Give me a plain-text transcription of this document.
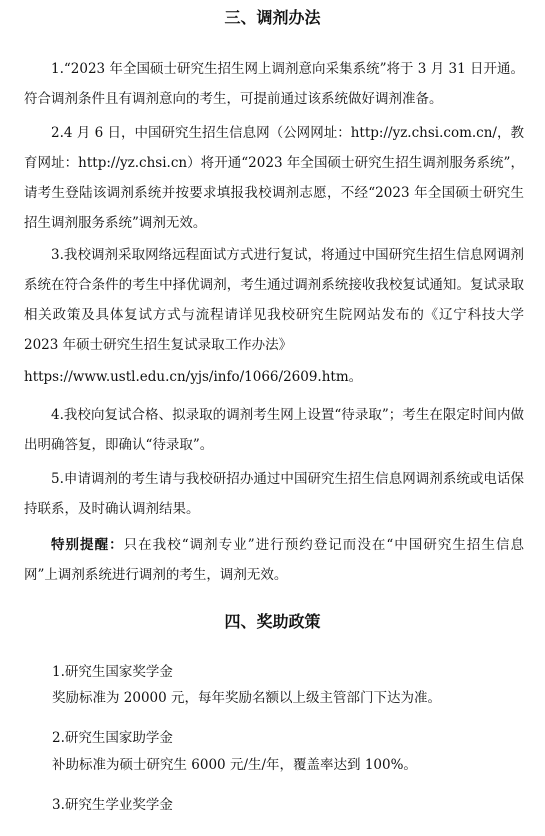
三、调剂办法

1.“2023 年全国硕士研究生招生网上调剂意向采集系统”将于 3 月 31 日开通。符合调剂条件且有调剂意向的考生，可提前通过该系统做好调剂准备。

2.4 月 6 日，中国研究生招生信息网（公网网址：http://yz.chsi.com.cn/，教育网址：http://yz.chsi.cn）将开通“2023 年全国硕士研究生招生调剂服务系统”，请考生登陆该调剂系统并按要求填报我校调剂志愿，不经“2023 年全国硕士研究生招生调剂服务系统”调剂无效。

3.我校调剂采取网络远程面试方式进行复试，将通过中国研究生招生信息网调剂系统在符合条件的考生中择优调剂，考生通过调剂系统接收我校复试通知。复试录取相关政策及具体复试方式与流程请详见我校研究生院网站发布的《辽宁科技大学 2023 年硕士研究生招生复试录取工作办法》

https://www.ustl.edu.cn/yjs/info/1066/2609.htm。

4.我校向复试合格、拟录取的调剂考生网上设置“待录取”；考生在限定时间内做出明确答复，即确认“待录取”。

5.申请调剂的考生请与我校研招办通过中国研究生招生信息网调剂系统或电话保持联系，及时确认调剂结果。

特别提醒：只在我校“调剂专业”进行预约登记而没在“中国研究生招生信息网”上调剂系统进行调剂的考生，调剂无效。

四、奖助政策
1.研究生国家奖学金
奖励标准为 20000 元，每年奖励名额以上级主管部门下达为准。
2.研究生国家助学金
补助标准为硕士研究生 6000 元/生/年，覆盖率达到 100%。
3.研究生学业奖学金
